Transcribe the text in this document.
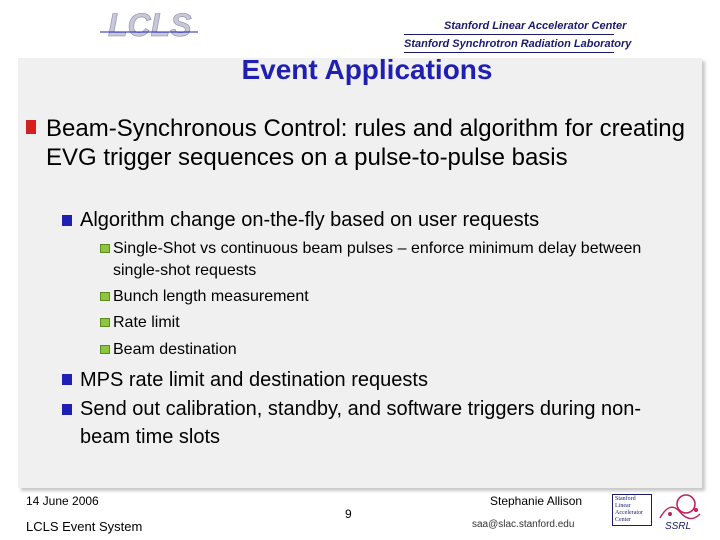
LCLS	Stanford Linear Accelerator Center
Stanford Synchrotron Radiation Laboratory
Event Applications
Beam-Synchronous Control: rules and algorithm for creating EVG trigger sequences on a pulse-to-pulse basis
Algorithm change on-the-fly based on user requests
Single-Shot vs continuous beam pulses – enforce minimum delay between single-shot requests
Bunch length measurement
Rate limit
Beam destination
MPS rate limit and destination requests
Send out calibration, standby, and software triggers during non-beam time slots
14 June 2006
LCLS Event System
9
Stephanie Allison
saa@slac.stanford.edu
Stanford Linear Accelerator Center
SSRL
